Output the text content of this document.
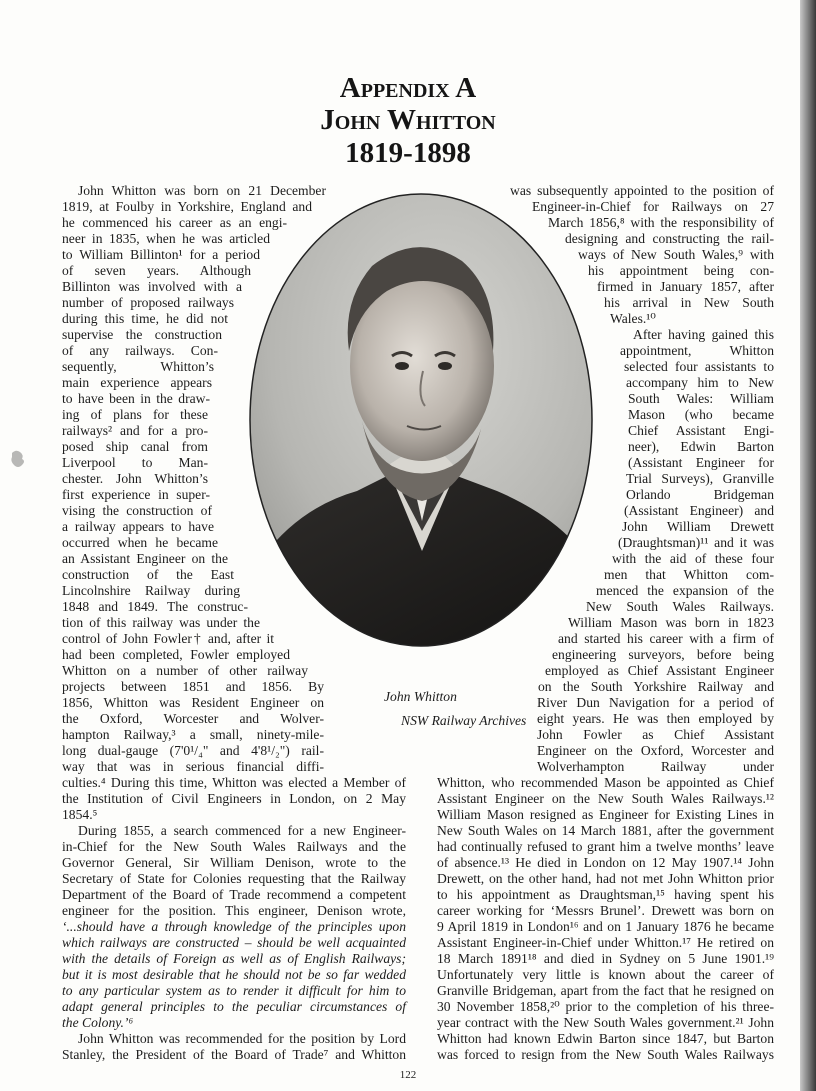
Appendix A
John Whitton
1819-1898
John Whitton
NSW Railway Archives
John Whitton was born on 21 December
1819, at Foulby in Yorkshire, England and
he commenced his career as an engi-
neer in 1835, when he was articled
to William Billinton¹ for a period
of seven years. Although
Billinton was involved with a
number of proposed railways
during this time, he did not
supervise the construction
of any railways. Con-
sequently, Whitton’s
main experience appears
to have been in the draw-
ing of plans for these
railways² and for a pro-
posed ship canal from
Liverpool to Man-
chester. John Whitton’s
first experience in super-
vising the construction of
a railway appears to have
occurred when he became
an Assistant Engineer on the
construction of the East
Lincolnshire Railway during
1848 and 1849. The construc-
tion of this railway was under the
control of John Fowler† and, after it
had been completed, Fowler employed
Whitton on a number of other railway
projects between 1851 and 1856. By
1856, Whitton was Resident Engineer on
the Oxford, Worcester and Wolver-
hampton Railway,³ a small, ninety-mile-
long dual-gauge (7'0¹/₄" and 4'8¹/₂") rail-
way that was in serious financial diffi-
was subsequently appointed to the position of
Engineer-in-Chief for Railways on 27
March 1856,⁸ with the responsibility of
designing and constructing the rail-
ways of New South Wales,⁹ with
his appointment being con-
firmed in January 1857, after
his arrival in New South
Wales.¹⁰
After having gained this
appointment, Whitton
selected four assistants to
accompany him to New
South Wales: William
Mason (who became
Chief Assistant Engi-
neer), Edwin Barton
(Assistant Engineer for
Trial Surveys), Granville
Orlando Bridgeman
(Assistant Engineer) and
John William Drewett
(Draughtsman)¹¹ and it was
with the aid of these four
men that Whitton com-
menced the expansion of the
New South Wales Railways.
William Mason was born in 1823
and started his career with a firm of
engineering surveyors, before being
employed as Chief Assistant Engineer
on the South Yorkshire Railway and
River Dun Navigation for a period of
eight years. He was then employed by
John Fowler as Chief Assistant
Engineer on the Oxford, Worcester and
Wolverhampton Railway under
culties.⁴ During this time, Whitton was elected a Member of
the Institution of Civil Engineers in London, on 2 May
1854.⁵
During 1855, a search commenced for a new Engineer-
in-Chief for the New South Wales Railways and the
Governor General, Sir William Denison, wrote to the
Secretary of State for Colonies requesting that the Railway
Department of the Board of Trade recommend a competent
engineer for the position. This engineer, Denison wrote,
‘...should have a through knowledge of the principles upon
which railways are constructed – should be well acquainted
with the details of Foreign as well as of English Railways;
but it is most desirable that he should not be so far wedded
to any particular system as to render it difficult for him to
adapt general principles to the peculiar circumstances of
the Colony.’⁶
John Whitton was recommended for the position by Lord
Stanley, the President of the Board of Trade⁷ and Whitton
Whitton, who recommended Mason be appointed as Chief
Assistant Engineer on the New South Wales Railways.¹²
William Mason resigned as Engineer for Existing Lines in
New South Wales on 14 March 1881, after the government
had continually refused to grant him a twelve months’ leave
of absence.¹³ He died in London on 12 May 1907.¹⁴ John
Drewett, on the other hand, had not met John Whitton prior
to his appointment as Draughtsman,¹⁵ having spent his
career working for ‘Messrs Brunel’. Drewett was born on
9 April 1819 in London¹⁶ and on 1 January 1876 he became
Assistant Engineer-in-Chief under Whitton.¹⁷ He retired on
18 March 1891¹⁸ and died in Sydney on 5 June 1901.¹⁹
Unfortunately very little is known about the career of
Granville Bridgeman, apart from the fact that he resigned on
30 November 1858,²⁰ prior to the completion of his three-
year contract with the New South Wales government.²¹ John
Whitton had known Edwin Barton since 1847, but Barton
was forced to resign from the New South Wales Railways
122
